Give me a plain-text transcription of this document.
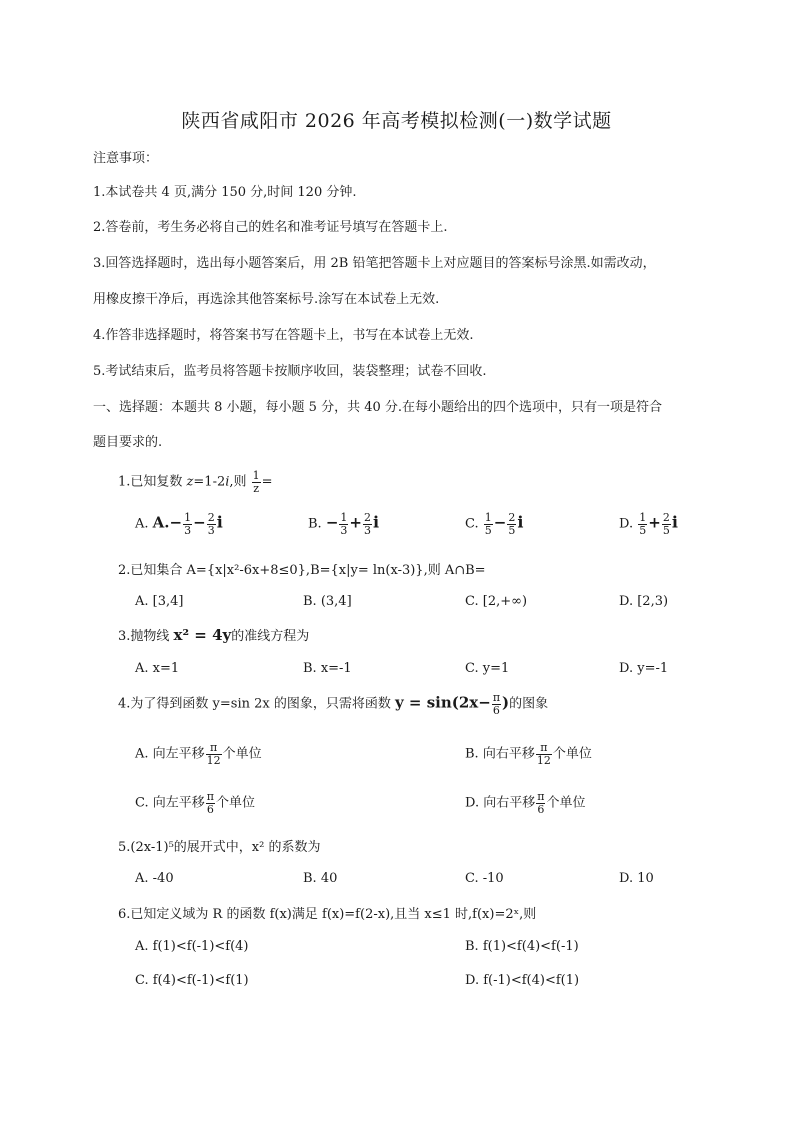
陕西省咸阳市 2026 年高考模拟检测(一)数学试题
注意事项：
1.本试卷共 4 页,满分 150 分,时间 120 分钟.
2.答卷前，考生务必将自己的姓名和准考证号填写在答题卡上.
3.回答选择题时，选出每小题答案后，用 2B 铅笔把答题卡上对应题目的答案标号涂黑.如需改动，
用橡皮擦干净后，再选涂其他答案标号.涂写在本试卷上无效.
4.作答非选择题时，将答案书写在答题卡上，书写在本试卷上无效.
5.考试结束后，监考员将答题卡按顺序收回，装袋整理；试卷不回收.
一、选择题：本题共 8 小题，每小题 5 分，共 40 分.在每小题给出的四个选项中，只有一项是符合
题目要求的.
1.已知复数 z=1-2i,则 $\frac{1}{z}$ =
A. $A.- \frac{1}{3} - \frac{2}{3}$ i	B. − $\frac{1}{3} + \frac{2}{3}$ i	C. $\frac{1}{5} - \frac{2}{5}$ i	D. $\frac{1}{5} + \frac{2}{5}$ i
2.已知集合 A={x|x²-6x+8≤0},B={x|y= ln(x-3)},则 A∩B=
A. [3,4]	B. (3,4]	C. [2,+∞)	D. [2,3)
3.抛物线 x² = 4y的准线方程为
A. x=1	B. x=-1	C. y=1	D. y=-1
4.为了得到函数 y=sin 2x 的图象，只需将函数 $y = \sin(2x- \frac{\pi}{6}$ )的图象
A. 向左平移 $\frac{\pi}{12}$ 个单位	B. 向右平移 $\frac{\pi}{12}$ 个单位
C. 向左平移 $\frac{\pi}{6}$ 个单位	D. 向右平移 $\frac{\pi}{6}$ 个单位
5.(2x-1)⁵的展开式中，x² 的系数为
A. -40	B. 40	C. -10	D. 10
6.已知定义域为 R 的函数 f(x)满足 f(x)=f(2-x),且当 x≤1 时,f(x)=2ˣ,则
A. f(1)<f(-1)<f(4)	B. f(1)<f(4)<f(-1)
C. f(4)<f(-1)<f(1)	D. f(-1)<f(4)<f(1)
